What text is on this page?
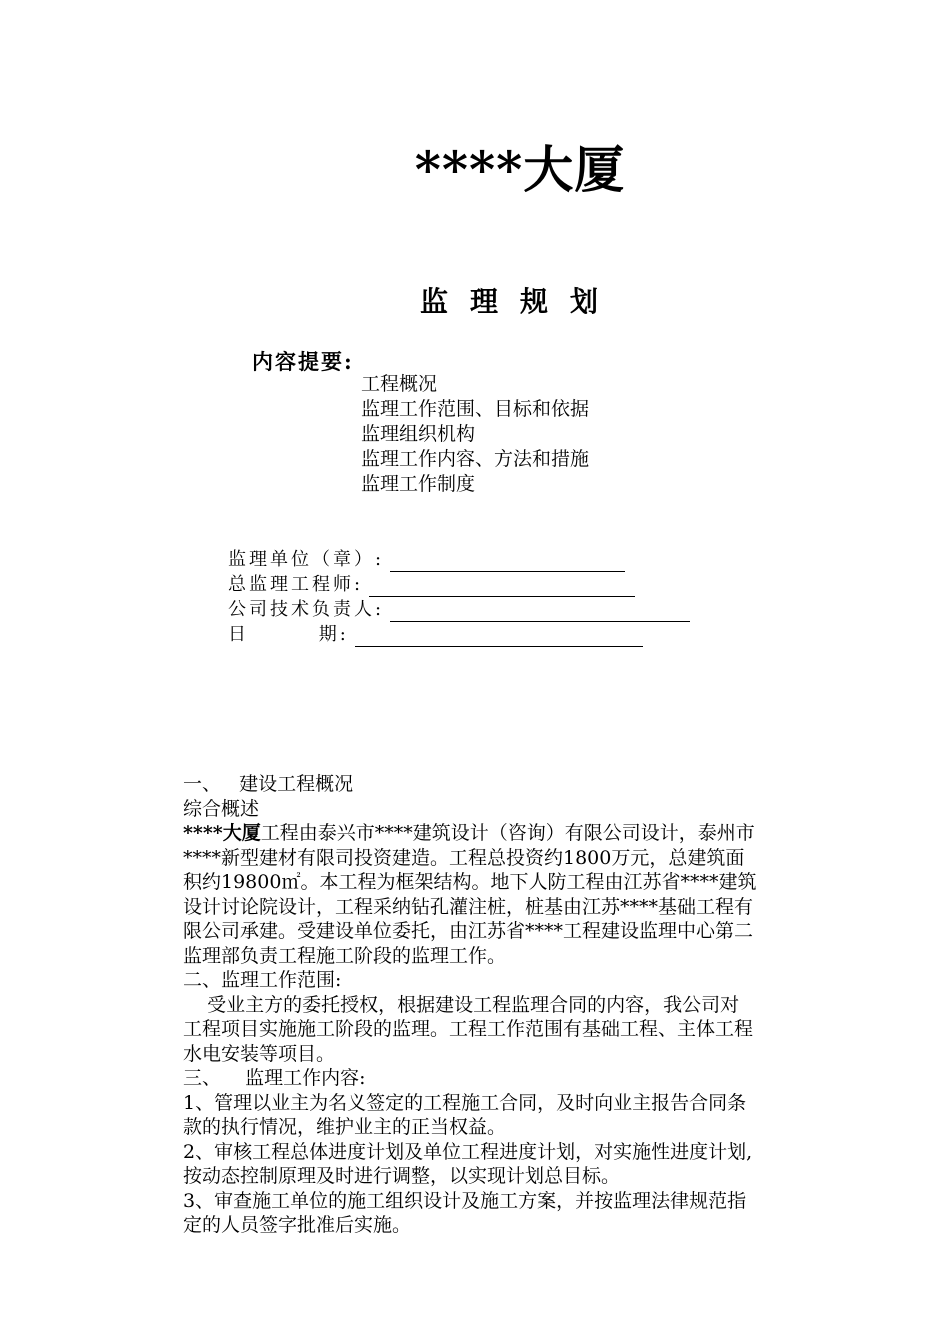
****大厦
监理规划
内容提要:
工程概况
监理工作范围、目标和依据
监理组织机构
监理工作内容、方法和措施
监理工作制度
监理单位（章）:
总监理工程师:
公司技术负责人:
日        期:

一、   建设工程概况

综合概述

****大厦工程由泰兴市****建筑设计（咨询）有限公司设计，泰州市

****新型建材有限司投资建造。工程总投资约1800万元，总建筑面

积约19800㎡。本工程为框架结构。地下人防工程由江苏省****建筑

设计讨论院设计，工程采纳钻孔灌注桩，桩基由江苏****基础工程有

限公司承建。受建设单位委托，由江苏省****工程建设监理中心第二

监理部负责工程施工阶段的监理工作。

二、监理工作范围:

受业主方的委托授权，根据建设工程监理合同的内容，我公司对

工程项目实施施工阶段的监理。工程工作范围有基础工程、主体工程

水电安装等项目。

三、    监理工作内容:

1、管理以业主为名义签定的工程施工合同，及时向业主报告合同条

款的执行情况，维护业主的正当权益。

2、审核工程总体进度计划及单位工程进度计划，对实施性进度计划,

按动态控制原理及时进行调整，以实现计划总目标。

3、审查施工单位的施工组织设计及施工方案，并按监理法律规范指

定的人员签字批准后实施。
